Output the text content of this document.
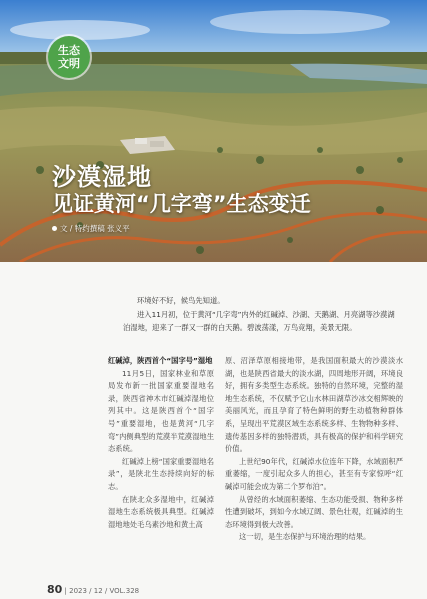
生态
文明
沙漠湿地
见证黄河“几字弯”生态变迁
文 / 特约撰稿 张义平

环境好不好，候鸟先知道。

进入11月初，位于黄河“几字弯”内外的红碱淖、沙湖、天鹅湖、月亮湖等沙漠湖泊湿地，迎来了一群又一群的白天鹅。碧波荡漾，万鸟竞翔，美景无限。

红碱淖，陕西首个“国字号”湿地

11月5日，国家林业和草原局发布新一批国家重要湿地名录，陕西省神木市红碱淖湿地位列其中。这是陕西首个“国字号”重要湿地，也是黄河“几字弯”内侧典型的荒漠半荒漠湿地生态系统。

红碱淖上榜“国家重要湿地名录”，是陕北生态持续向好的标志。

在陕北众多湿地中，红碱淖湿地生态系统极具典型。红碱淖湿地地处毛乌素沙地和黄土高

原、沼泽草原相接地带，是我国面积最大的沙漠淡水湖，也是陕西省最大的淡水湖，四周地形开阔，环境良好，拥有多类型生态系统。独特的自然环境，完整的湿地生态系统，不仅赋予它山水林田湖草沙冰交相辉映的美丽风光，而且孕育了特色鲜明的野生动植物种群体系，呈现出平荒漠区域生态系统多样、生物物种多样、遗传基因多样的独特潜质，具有极高的保护和科学研究价值。

上世纪90年代，红碱淖水位连年下降，水域面积严重萎缩，一度引起众多人的担心，甚至有专家惊呼“红碱淖可能会成为第二个罗布泊”。

从曾经的水域面积萎缩、生态功能受损、物种多样性遭到破坏，到如今水域辽阔、景色壮观，红碱淖的生态环境得到极大改善。

这一切，是生态保护与环境治理的结果。

80 | 2023 / 12 / VOL.328
